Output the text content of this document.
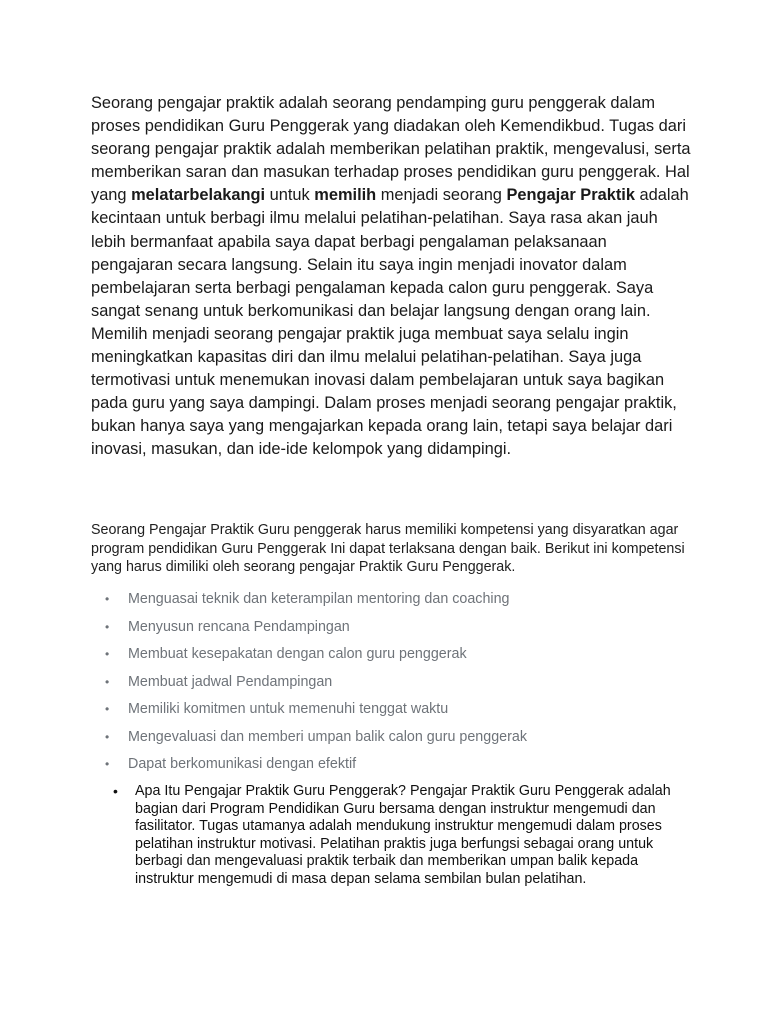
Seorang pengajar praktik adalah seorang pendamping guru penggerak dalam proses pendidikan Guru Penggerak yang diadakan oleh Kemendikbud. Tugas dari seorang pengajar praktik adalah memberikan pelatihan praktik, mengevalusi, serta memberikan saran dan masukan terhadap proses pendidikan guru penggerak. Hal yang melatarbelakangi untuk memilih menjadi seorang Pengajar Praktik adalah kecintaan untuk berbagi ilmu melalui pelatihan-pelatihan. Saya rasa akan jauh lebih bermanfaat apabila saya dapat berbagi pengalaman pelaksanaan pengajaran secara langsung. Selain itu saya ingin menjadi inovator dalam pembelajaran serta berbagi pengalaman kepada calon guru penggerak. Saya sangat senang untuk berkomunikasi dan belajar langsung dengan orang lain. Memilih menjadi seorang pengajar praktik juga membuat saya selalu ingin meningkatkan kapasitas diri dan ilmu melalui pelatihan-pelatihan. Saya juga termotivasi untuk menemukan inovasi dalam pembelajaran untuk saya bagikan pada guru yang saya dampingi. Dalam proses menjadi seorang pengajar praktik, bukan hanya saya yang mengajarkan kepada orang lain, tetapi saya belajar dari inovasi, masukan, dan ide-ide kelompok yang didampingi.

Seorang Pengajar Praktik Guru penggerak harus memiliki kompetensi yang disyaratkan agar program pendidikan Guru Penggerak Ini dapat terlaksana dengan baik. Berikut ini kompetensi yang harus dimiliki oleh seorang pengajar Praktik Guru Penggerak.

• Menguasai teknik dan keterampilan mentoring dan coaching
• Menyusun rencana Pendampingan
• Membuat kesepakatan dengan calon guru penggerak
• Membuat jadwal Pendampingan
• Memiliki komitmen untuk memenuhi tenggat waktu
• Mengevaluasi dan memberi umpan balik calon guru penggerak
• Dapat berkomunikasi dengan efektif
• Apa Itu Pengajar Praktik Guru Penggerak? Pengajar Praktik Guru Penggerak adalah bagian dari Program Pendidikan Guru bersama dengan instruktur mengemudi dan fasilitator. Tugas utamanya adalah mendukung instruktur mengemudi dalam proses pelatihan instruktur motivasi. Pelatihan praktis juga berfungsi sebagai orang untuk berbagi dan mengevaluasi praktik terbaik dan memberikan umpan balik kepada instruktur mengemudi di masa depan selama sembilan bulan pelatihan.
